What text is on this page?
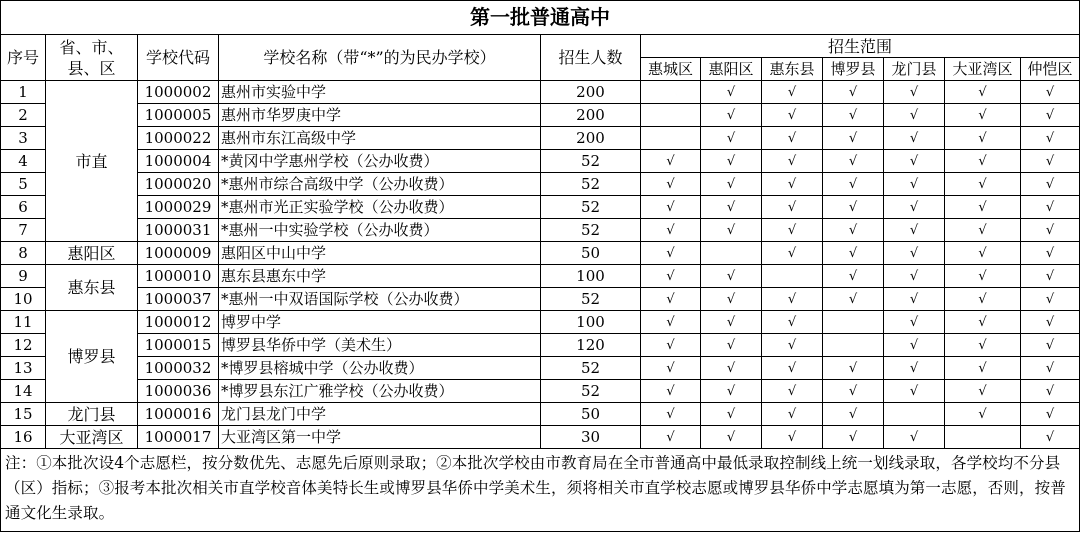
第一批普通高中											
序号	省、市、县、区	学校代码	学校名称（带“*”的为民办学校）	招生人数	招生范围						
					惠城区	惠阳区	惠东县	博罗县	龙门县	大亚湾区	仲恺区
1	市直	1000002	惠州市实验中学	200		√	√	√	√	√	√
2		1000005	惠州市华罗庚中学	200		√	√	√	√	√	√
3		1000022	惠州市东江高级中学	200		√	√	√	√	√	√
4		1000004	*黄冈中学惠州学校（公办收费）	52	√	√	√	√	√	√	√
5		1000020	*惠州市综合高级中学（公办收费）	52	√	√	√	√	√	√	√
6		1000029	*惠州市光正实验学校（公办收费）	52	√	√	√	√	√	√	√
7		1000031	*惠州一中实验学校（公办收费）	52	√	√	√	√	√	√	√
8	惠阳区	1000009	惠阳区中山中学	50	√		√	√	√	√	√
9	惠东县	1000010	惠东县惠东中学	100	√	√		√	√	√	√
10		1000037	*惠州一中双语国际学校（公办收费）	52	√	√	√	√	√	√	√
11	博罗县	1000012	博罗中学	100	√	√	√		√	√	√
12		1000015	博罗县华侨中学（美术生）	120	√	√	√		√	√	√
13		1000032	*博罗县榕城中学（公办收费）	52	√	√	√	√	√	√	√
14		1000036	*博罗县东江广雅学校（公办收费）	52	√	√	√	√	√	√	√
15	龙门县	1000016	龙门县龙门中学	50	√	√	√	√		√	√
16	大亚湾区	1000017	大亚湾区第一中学	30	√	√	√	√	√		√
注：①本批次设4个志愿栏，按分数优先、志愿先后原则录取；②本批次学校由市教育局在全市普通高中最低录取控制线上统一划线录取，各学校均不分县（区）指标；③报考本批次相关市直学校音体美特长生或博罗县华侨中学美术生，须将相关市直学校志愿或博罗县华侨中学志愿填为第一志愿，否则，按普通文化生录取。											
